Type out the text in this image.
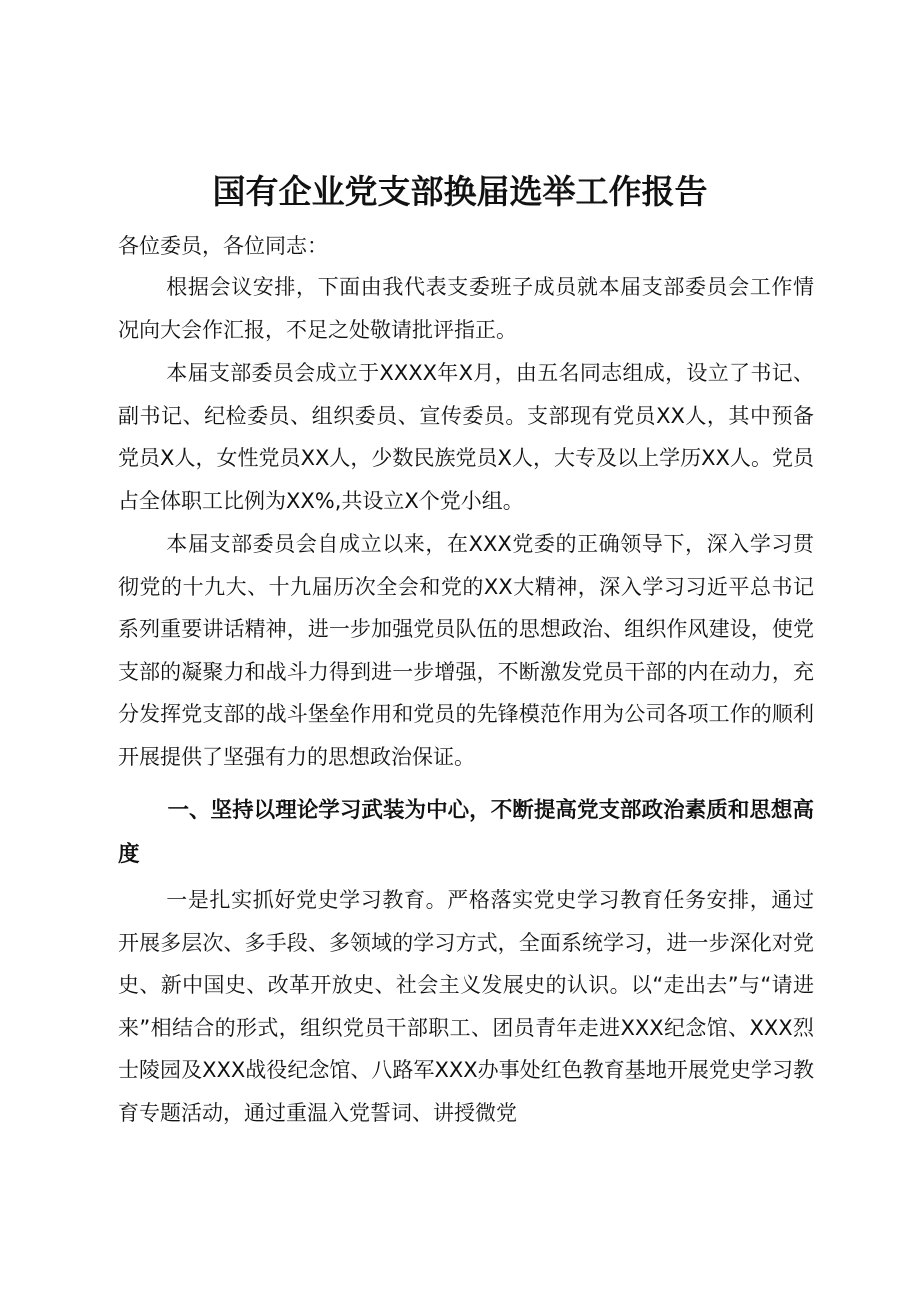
国有企业党支部换届选举工作报告

各位委员，各位同志：

根据会议安排，下面由我代表支委班子成员就本届支部委员会工作情况向大会作汇报，不足之处敬请批评指正。

本届支部委员会成立于XXXX年X月，由五名同志组成，设立了书记、副书记、纪检委员、组织委员、宣传委员。支部现有党员XX人，其中预备党员X人，女性党员XX人，少数民族党员X人，大专及以上学历XX人。党员占全体职工比例为XX%,共设立X个党小组。

本届支部委员会自成立以来，在XXX党委的正确领导下，深入学习贯彻党的十九大、十九届历次全会和党的XX大精神，深入学习习近平总书记系列重要讲话精神，进一步加强党员队伍的思想政治、组织作风建设，使党支部的凝聚力和战斗力得到进一步增强，不断激发党员干部的内在动力，充分发挥党支部的战斗堡垒作用和党员的先锋模范作用为公司各项工作的顺利开展提供了坚强有力的思想政治保证。

一、坚持以理论学习武装为中心，不断提高党支部政治素质和思想高度

一是扎实抓好党史学习教育。严格落实党史学习教育任务安排，通过开展多层次、多手段、多领域的学习方式，全面系统学习，进一步深化对党史、新中国史、改革开放史、社会主义发展史的认识。以“走出去”与“请进来”相结合的形式，组织党员干部职工、团员青年走进XXX纪念馆、XXX烈士陵园及XXX战役纪念馆、八路军XXX办事处红色教育基地开展党史学习教育专题活动，通过重温入党誓词、讲授微党
